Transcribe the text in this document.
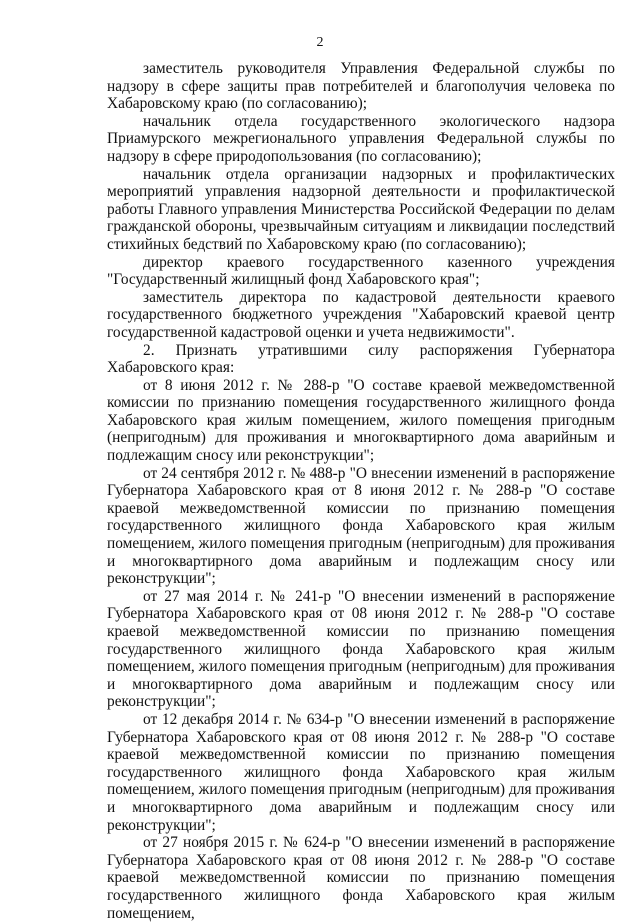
2

заместитель руководителя Управления Федеральной службы по надзору в сфере защиты прав потребителей и благополучия человека по Хабаровскому краю (по согласованию);

начальник отдела государственного экологического надзора Приамурского межрегионального управления Федеральной службы по надзору в сфере природопользования (по согласованию);

начальник отдела организации надзорных и профилактических мероприятий управления надзорной деятельности и профилактической работы Главного управления Министерства Российской Федерации по делам гражданской обороны, чрезвычайным ситуациям и ликвидации последствий стихийных бедствий по Хабаровскому краю (по согласованию);

директор краевого государственного казенного учреждения "Государственный жилищный фонд Хабаровского края";

заместитель директора по кадастровой деятельности краевого государственного бюджетного учреждения "Хабаровский краевой центр государственной кадастровой оценки и учета недвижимости".

2. Признать утратившими силу распоряжения Губернатора Хабаровского края:

от 8 июня 2012 г. № 288-р "О составе краевой межведомственной комиссии по признанию помещения государственного жилищного фонда Хабаровского края жилым помещением, жилого помещения пригодным (непригодным) для проживания и многоквартирного дома аварийным и подлежащим сносу или реконструкции";

от 24 сентября 2012 г. № 488-р "О внесении изменений в распоряжение Губернатора Хабаровского края от 8 июня 2012 г. № 288-р "О составе краевой межведомственной комиссии по признанию помещения государственного жилищного фонда Хабаровского края жилым помещением, жилого помещения пригодным (непригодным) для проживания и многоквартирного дома аварийным и подлежащим сносу или реконструкции";

от 27 мая 2014 г. № 241-р "О внесении изменений в распоряжение Губернатора Хабаровского края от 08 июня 2012 г. № 288-р "О составе краевой межведомственной комиссии по признанию помещения государственного жилищного фонда Хабаровского края жилым помещением, жилого помещения пригодным (непригодным) для проживания и многоквартирного дома аварийным и подлежащим сносу или реконструкции";

от 12 декабря 2014 г. № 634-р "О внесении изменений в распоряжение Губернатора Хабаровского края от 08 июня 2012 г. № 288-р "О составе краевой межведомственной комиссии по признанию помещения государственного жилищного фонда Хабаровского края жилым помещением, жилого помещения пригодным (непригодным) для проживания и многоквартирного дома аварийным и подлежащим сносу или реконструкции";

от 27 ноября 2015 г. № 624-р "О внесении изменений в распоряжение Губернатора Хабаровского края от 08 июня 2012 г. № 288-р "О составе краевой межведомственной комиссии по признанию помещения государственного жилищного фонда Хабаровского края жилым помещением,
